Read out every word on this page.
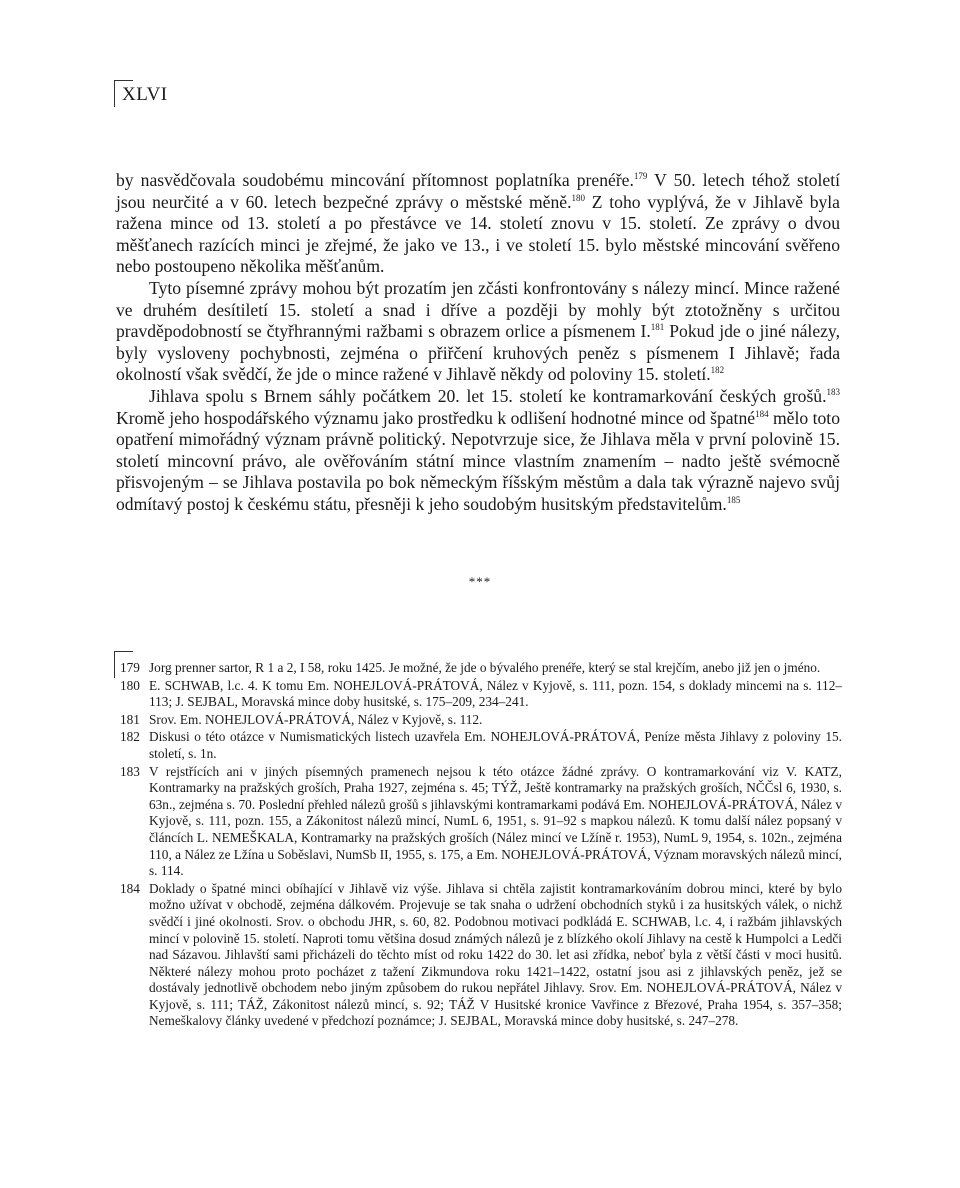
XLVI

by nasvědčovala soudobému mincování přítomnost poplatníka prenéře.$^{179}$ V 50. letech téhož století jsou neurčité a v 60. letech bezpečné zprávy o městské měně.$^{180}$ Z toho vyplývá, že v Jihlavě byla ražena mince od 13. století a po přestávce ve 14. století znovu v 15. století. Ze zprávy o dvou měšťanech razících minci je zřejmé, že jako ve 13., i ve století 15. bylo městské mincování svěřeno nebo postoupeno několika měšťanům.

Tyto písemné zprávy mohou být prozatím jen zčásti konfrontovány s nálezy mincí. Mince ražené ve druhém desítiletí 15. století a snad i dříve a později by mohly být ztotožněny s určitou pravděpodobností se čtyřhrannými ražbami s obrazem orlice a písmenem I.$^{181}$ Pokud jde o jiné nálezy, byly vysloveny pochybnosti, zejména o přiřčení kruhových peněz s písmenem I Jihlavě; řada okolností však svědčí, že jde o mince ražené v Jihlavě někdy od poloviny 15. století.$^{182}$

Jihlava spolu s Brnem sáhly počátkem 20. let 15. století ke kontramarkování českých grošů.$^{183}$ Kromě jeho hospodářského významu jako prostředku k odlišení hodnotné mince od špatné$^{184}$ mělo toto opatření mimořádný význam právně politický. Nepotvrzuje sice, že Jihlava měla v první polovině 15. století mincovní právo, ale ověřováním státní mince vlastním znamením – nadto ještě svémocně přisvojeným – se Jihlava postavila po bok německým říšským městům a dala tak výrazně najevo svůj odmítavý postoj k českému státu, přesněji k jeho soudobým husitským představitelům.$^{185}$

***
179 Jorg prenner sartor, R 1 a 2, I 58, roku 1425. Je možné, že jde o bývalého prenéře, který se stal krejčím, anebo již jen o jméno.
180 E. SCHWAB, l.c. 4. K tomu Em. NOHEJLOVÁ-PRÁTOVÁ, Nález v Kyjově, s. 111, pozn. 154, s doklady mincemi na s. 112–113; J. SEJBAL, Moravská mince doby husitské, s. 175–209, 234–241.
181 Srov. Em. NOHEJLOVÁ-PRÁTOVÁ, Nález v Kyjově, s. 112.
182 Diskusi o této otázce v Numismatických listech uzavřela Em. NOHEJLOVÁ-PRÁTOVÁ, Peníze města Jihlavy z poloviny 15. století, s. 1n.
183 V rejstřících ani v jiných písemných pramenech nejsou k této otázce žádné zprávy. O kontramarkování viz V. KATZ, Kontramarky na pražských groších, Praha 1927, zejména s. 45; TÝŽ, Ještě kontramarky na pražských groších, NČČsl 6, 1930, s. 63n., zejména s. 70. Poslední přehled nálezů grošů s jihlavskými kontramarkami podává Em. NOHEJLOVÁ-PRÁTOVÁ, Nález v Kyjově, s. 111, pozn. 155, a Zákonitost nálezů mincí, NumL 6, 1951, s. 91–92 s mapkou nálezů. K tomu další nález popsaný v článcích L. NEMEŠKALA, Kontramarky na pražských groších (Nález mincí ve Lžíně r. 1953), NumL 9, 1954, s. 102n., zejména 110, a Nález ze Lžína u Soběslavi, NumSb II, 1955, s. 175, a Em. NOHEJLOVÁ-PRÁTOVÁ, Význam moravských nálezů mincí, s. 114.
184 Doklady o špatné minci obíhající v Jihlavě viz výše. Jihlava si chtěla zajistit kontramarkováním dobrou minci, které by bylo možno užívat v obchodě, zejména dálkovém. Projevuje se tak snaha o udržení obchodních styků i za husitských válek, o nichž svědčí i jiné okolnosti. Srov. o obchodu JHR, s. 60, 82. Podobnou motivaci podkládá E. SCHWAB, l.c. 4, i ražbám jihlavských mincí v polovině 15. století. Naproti tomu většina dosud známých nálezů je z blízkého okolí Jihlavy na cestě k Humpolci a Ledči nad Sázavou. Jihlavští sami přicházeli do těchto míst od roku 1422 do 30. let asi zřídka, neboť byla z větší části v moci husitů. Některé nálezy mohou proto pocházet z tažení Zikmundova roku 1421–1422, ostatní jsou asi z jihlavských peněz, jež se dostávaly jednotlivě obchodem nebo jiným způsobem do rukou nepřátel Jihlavy. Srov. Em. NOHEJLOVÁ-PRÁTOVÁ, Nález v Kyjově, s. 111; TÁŽ, Zákonitost nálezů mincí, s. 92; TÁŽ V Husitské kronice Vavřince z Březové, Praha 1954, s. 357–358; Nemeškalovy články uvedené v předchozí poznámce; J. SEJBAL, Moravská mince doby husitské, s. 247–278.
